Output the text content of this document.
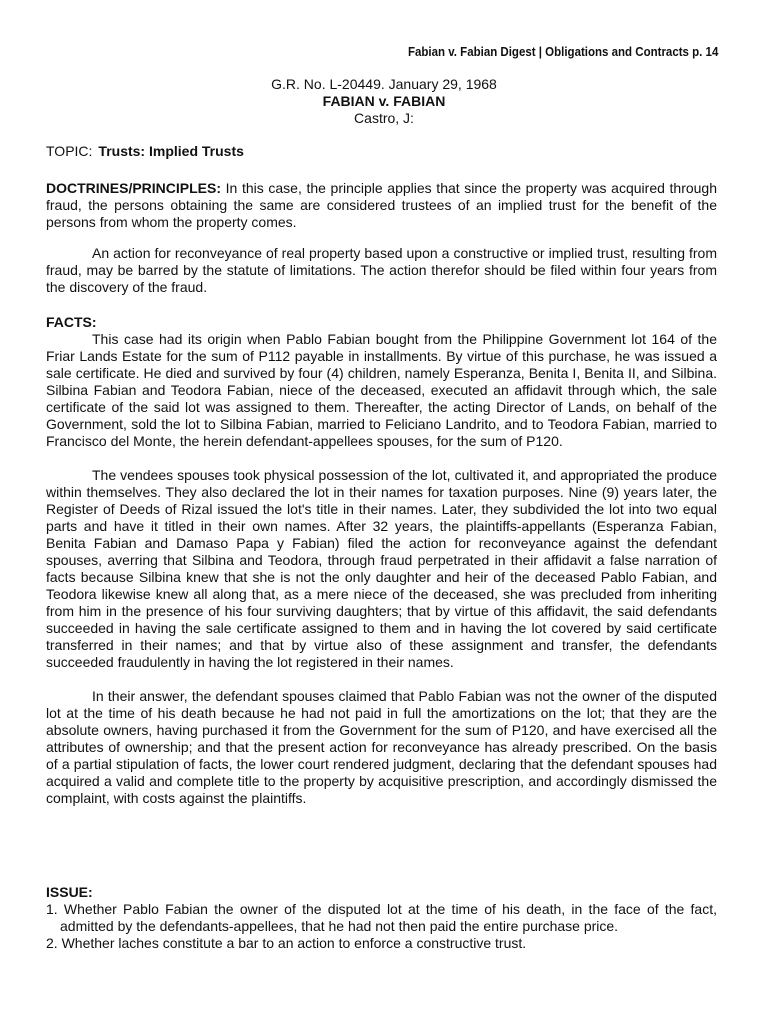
Fabian v. Fabian Digest | Obligations and Contracts p. 14
G.R. No. L-20449. January 29, 1968
FABIAN v. FABIAN
Castro, J:
TOPIC: Trusts: Implied Trusts

DOCTRINES/PRINCIPLES: In this case, the principle applies that since the property was acquired through fraud, the persons obtaining the same are considered trustees of an implied trust for the benefit of the persons from whom the property comes.

An action for reconveyance of real property based upon a constructive or implied trust, resulting from fraud, may be barred by the statute of limitations. The action therefor should be filed within four years from the discovery of the fraud.

FACTS:

This case had its origin when Pablo Fabian bought from the Philippine Government lot 164 of the Friar Lands Estate for the sum of P112 payable in installments. By virtue of this purchase, he was issued a sale certificate. He died and survived by four (4) children, namely Esperanza, Benita I, Benita II, and Silbina. Silbina Fabian and Teodora Fabian, niece of the deceased, executed an affidavit through which, the sale certificate of the said lot was assigned to them. Thereafter, the acting Director of Lands, on behalf of the Government, sold the lot to Silbina Fabian, married to Feliciano Landrito, and to Teodora Fabian, married to Francisco del Monte, the herein defendant-appellees spouses, for the sum of P120.

The vendees spouses took physical possession of the lot, cultivated it, and appropriated the produce within themselves. They also declared the lot in their names for taxation purposes. Nine (9) years later, the Register of Deeds of Rizal issued the lot's title in their names. Later, they subdivided the lot into two equal parts and have it titled in their own names. After 32 years, the plaintiffs-appellants (Esperanza Fabian, Benita Fabian and Damaso Papa y Fabian) filed the action for reconveyance against the defendant spouses, averring that Silbina and Teodora, through fraud perpetrated in their affidavit a false narration of facts because Silbina knew that she is not the only daughter and heir of the deceased Pablo Fabian, and Teodora likewise knew all along that, as a mere niece of the deceased, she was precluded from inheriting from him in the presence of his four surviving daughters; that by virtue of this affidavit, the said defendants succeeded in having the sale certificate assigned to them and in having the lot covered by said certificate transferred in their names; and that by virtue also of these assignment and transfer, the defendants succeeded fraudulently in having the lot registered in their names.

In their answer, the defendant spouses claimed that Pablo Fabian was not the owner of the disputed lot at the time of his death because he had not paid in full the amortizations on the lot; that they are the absolute owners, having purchased it from the Government for the sum of P120, and have exercised all the attributes of ownership; and that the present action for reconveyance has already prescribed. On the basis of a partial stipulation of facts, the lower court rendered judgment, declaring that the defendant spouses had acquired a valid and complete title to the property by acquisitive prescription, and accordingly dismissed the complaint, with costs against the plaintiffs.

ISSUE:

1. Whether Pablo Fabian the owner of the disputed lot at the time of his death, in the face of the fact, admitted by the defendants-appellees, that he had not then paid the entire purchase price.
2. Whether laches constitute a bar to an action to enforce a constructive trust.
